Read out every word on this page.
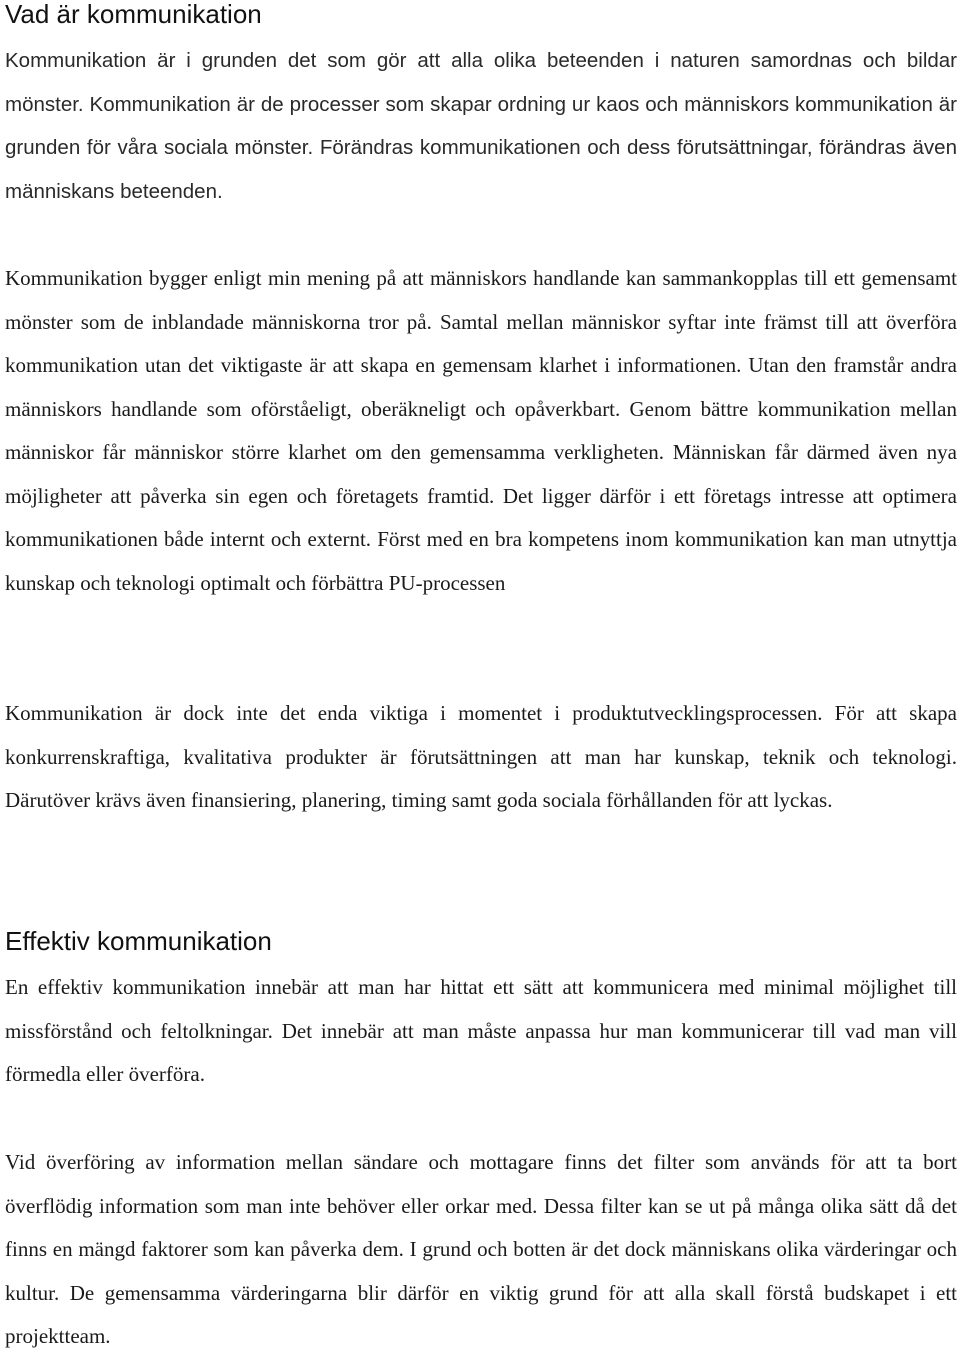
Vad är kommunikation

Kommunikation är i grunden det som gör att alla olika beteenden i naturen samordnas och bildar mönster. Kommunikation är de processer som skapar ordning ur kaos och människors kommunikation är grunden för våra sociala mönster. Förändras kommunikationen och dess förutsättningar, förändras även människans beteenden.

Kommunikation bygger enligt min mening på att människors handlande kan sammankopplas till ett gemensamt mönster som de inblandade människorna tror på. Samtal mellan människor syftar inte främst till att överföra kommunikation utan det viktigaste är att skapa en gemensam klarhet i informationen. Utan den framstår andra människors handlande som oförståeligt, oberäkneligt och opåverkbart. Genom bättre kommunikation mellan människor får människor större klarhet om den gemensamma verkligheten. Människan får därmed även nya möjligheter att påverka sin egen och företagets framtid. Det ligger därför i ett företags intresse att optimera kommunikationen både internt och externt. Först med en bra kompetens inom kommunikation kan man utnyttja kunskap och teknologi optimalt och förbättra PU-processen

Kommunikation är dock inte det enda viktiga i momentet i produktutvecklingsprocessen. För att skapa konkurrenskraftiga, kvalitativa produkter är förutsättningen att man har kunskap, teknik och teknologi. Därutöver krävs även finansiering, planering, timing samt goda sociala förhållanden för att lyckas.

Effektiv kommunikation

En effektiv kommunikation innebär att man har hittat ett sätt att kommunicera med minimal möjlighet till missförstånd och feltolkningar. Det innebär att man måste anpassa hur man kommunicerar till vad man vill förmedla eller överföra.

Vid överföring av information mellan sändare och mottagare finns det filter som används för att ta bort överflödig information som man inte behöver eller orkar med. Dessa filter kan se ut på många olika sätt då det finns en mängd faktorer som kan påverka dem. I grund och botten är det dock människans olika värderingar och kultur. De gemensamma värderingarna blir därför en viktig grund för att alla skall förstå budskapet i ett projektteam.
